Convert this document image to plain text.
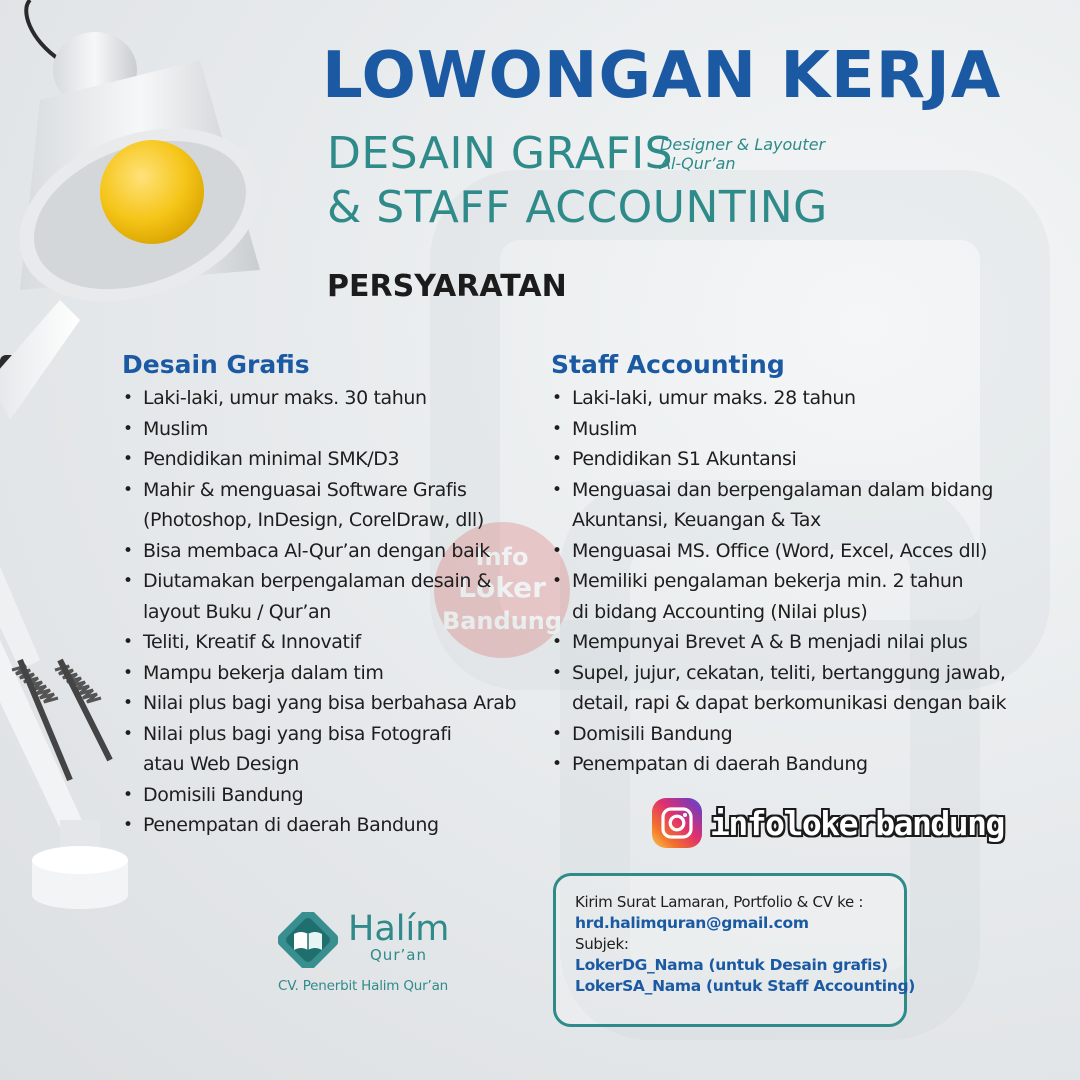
LOWONGAN KERJA
DESAIN GRAFIS
Designer & Layouter
Al-Qur’an
& STAFF ACCOUNTING
PERSYARATAN
Info
Loker
Bandung
Desain Grafis
• Laki-laki, umur maks. 30 tahun
• Muslim
• Pendidikan minimal SMK/D3
• Mahir & menguasai Software Grafis
(Photoshop, InDesign, CorelDraw, dll)
• Bisa membaca Al-Qur’an dengan baik
• Diutamakan berpengalaman desain &
layout Buku / Qur’an
• Teliti, Kreatif & Innovatif
• Mampu bekerja dalam tim
• Nilai plus bagi yang bisa berbahasa Arab
• Nilai plus bagi yang bisa Fotografi
atau Web Design
• Domisili Bandung
• Penempatan di daerah Bandung
Staff Accounting
• Laki-laki, umur maks. 28 tahun
• Muslim
• Pendidikan S1 Akuntansi
• Menguasai dan berpengalaman dalam bidang
Akuntansi, Keuangan & Tax
• Menguasai MS. Office (Word, Excel, Acces dll)
• Memiliki pengalaman bekerja min. 2 tahun
di bidang Accounting (Nilai plus)
• Mempunyai Brevet A & B menjadi nilai plus
• Supel, jujur, cekatan, teliti, bertanggung jawab,
detail, rapi & dapat berkomunikasi dengan baik
• Domisili Bandung
• Penempatan di daerah Bandung
infolokerbandung
Halím
Qur’an
CV. Penerbit Halim Qur’an
Kirim Surat Lamaran, Portfolio & CV ke :
hrd.halimquran@gmail.com
Subjek:
LokerDG_Nama (untuk Desain grafis)
LokerSA_Nama (untuk Staff Accounting)
